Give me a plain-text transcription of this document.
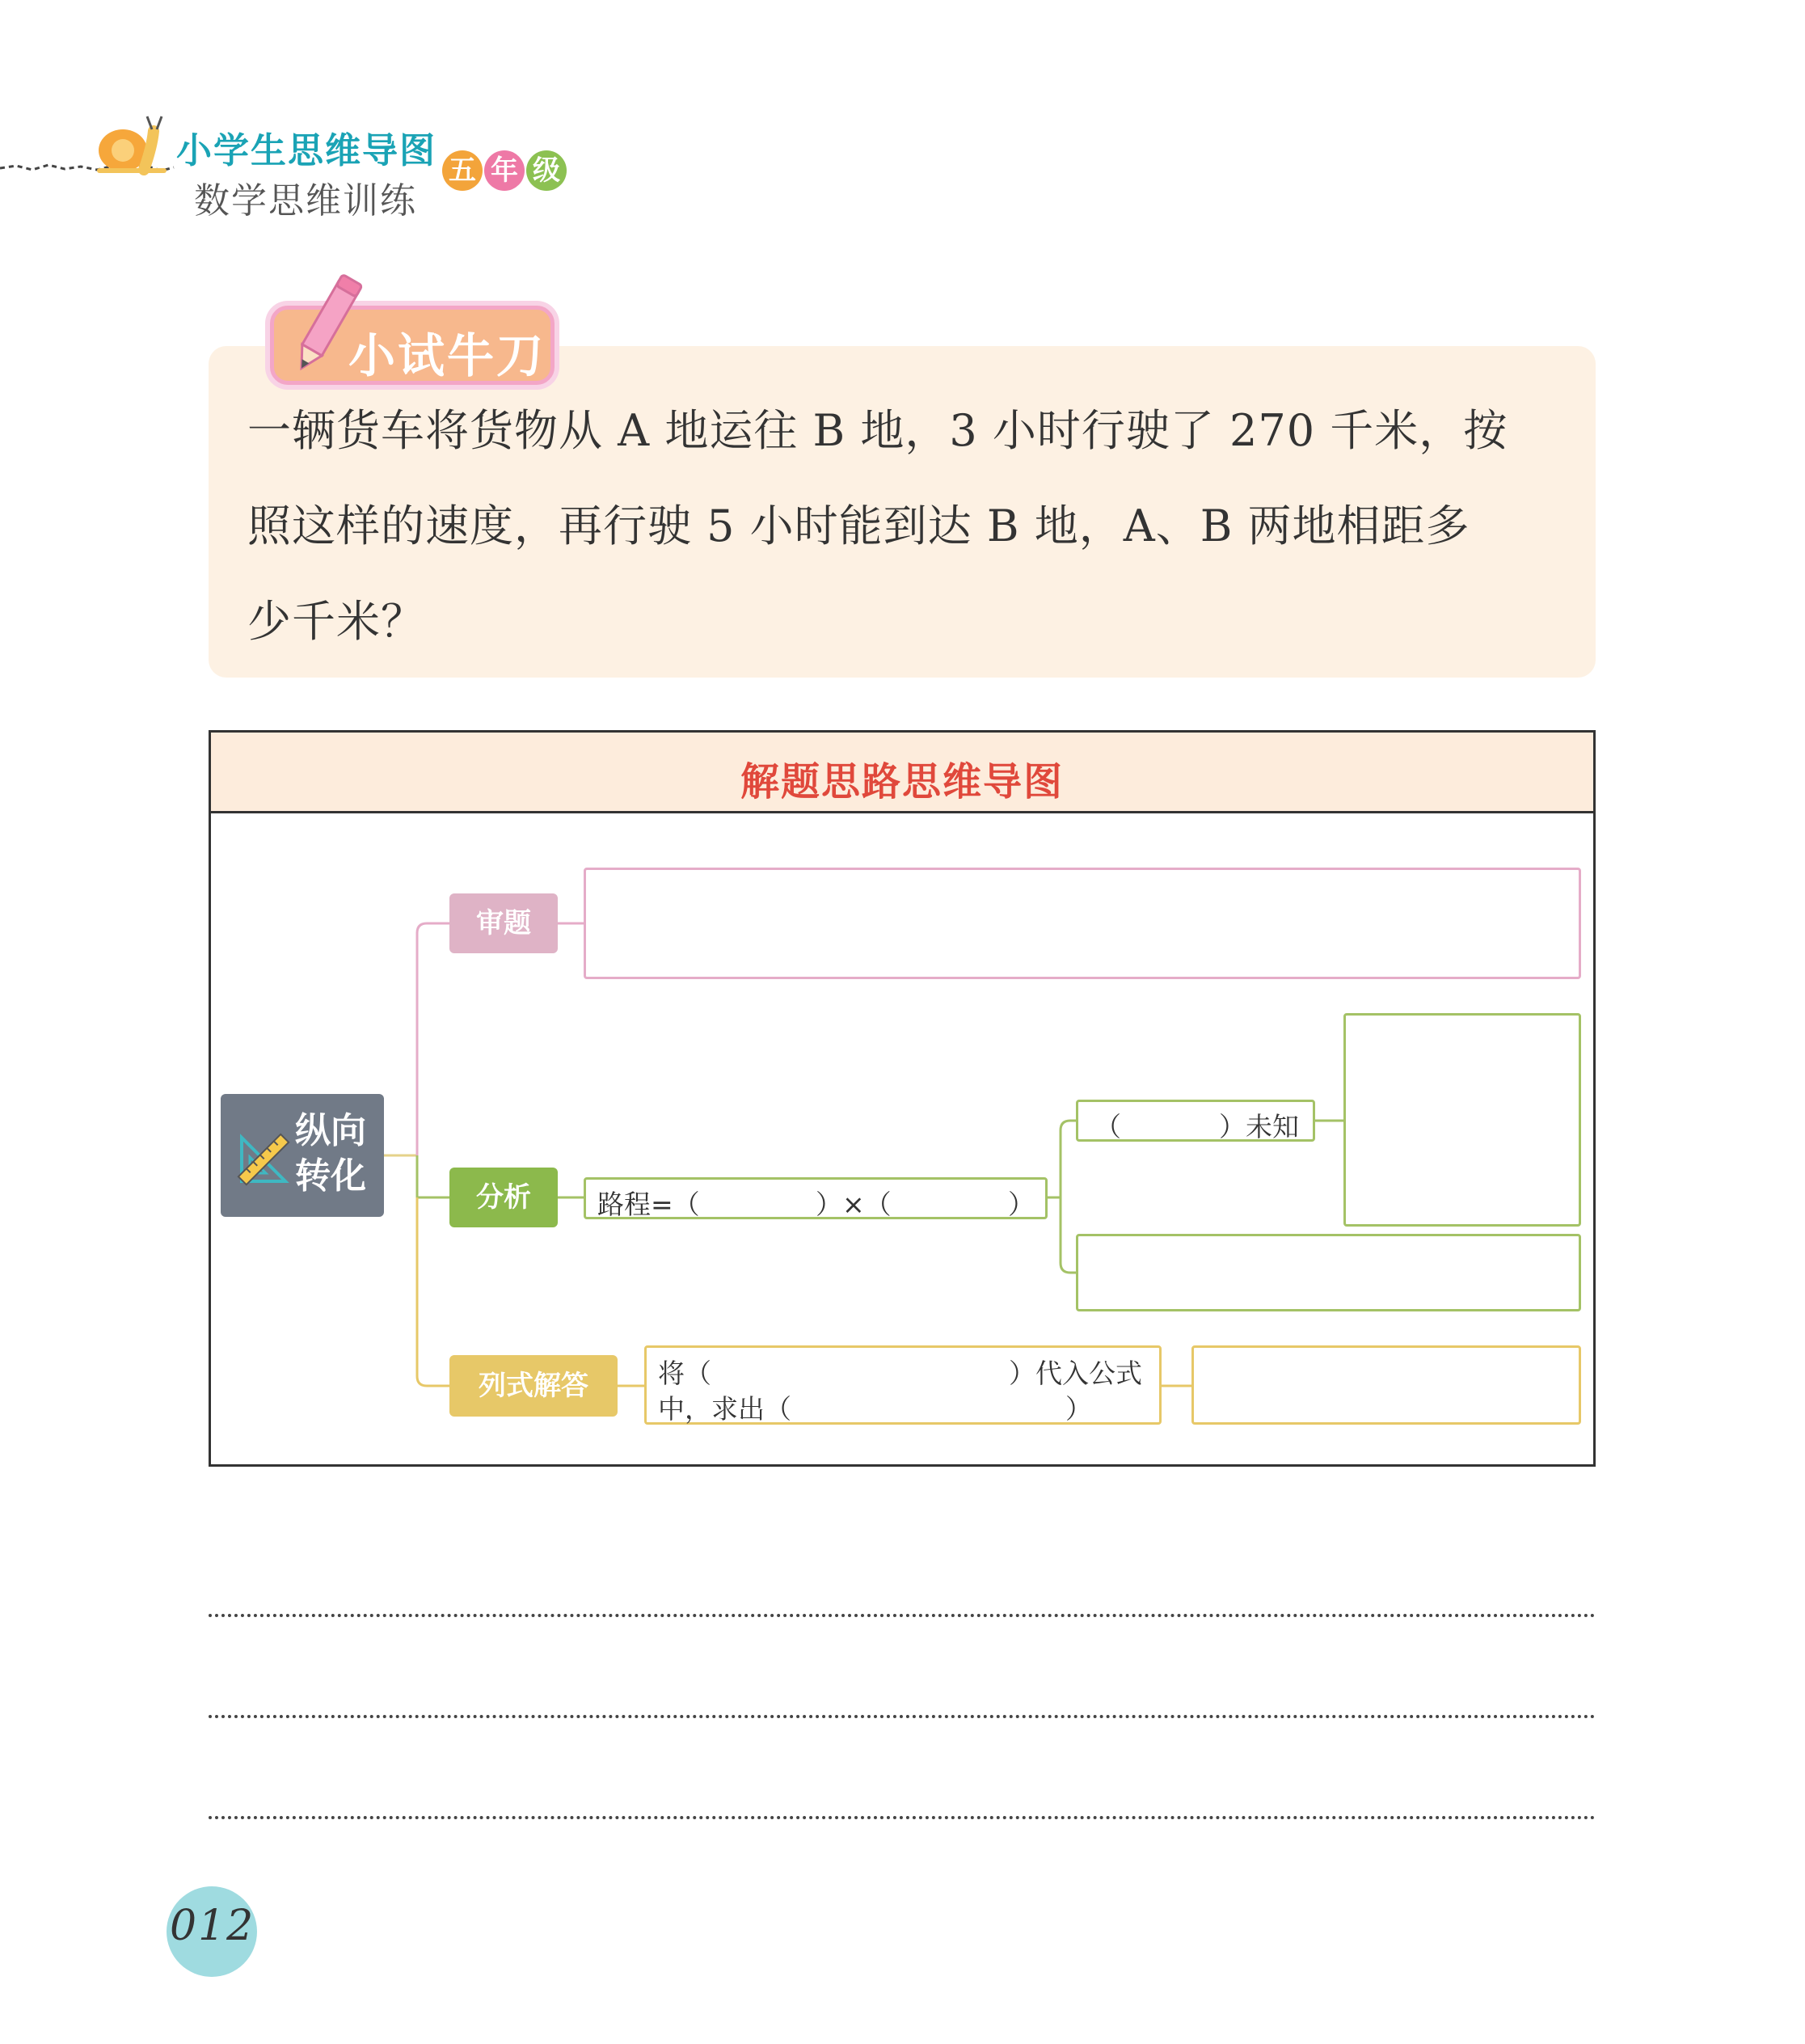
小学生思维导图
数学思维训练
五 年 级
小试牛刀
一辆货车将货物从 A 地运往 B 地，3 小时行驶了 270 千米，按
照这样的速度，再行驶 5 小时能到达 B 地，A、B 两地相距多
少千米？
解题思路思维导图
纵向
转化
审题
分析
列式解答
路程=（	）×（	）
（	）未知
将（	）代入公式
中，求出（	）
012
